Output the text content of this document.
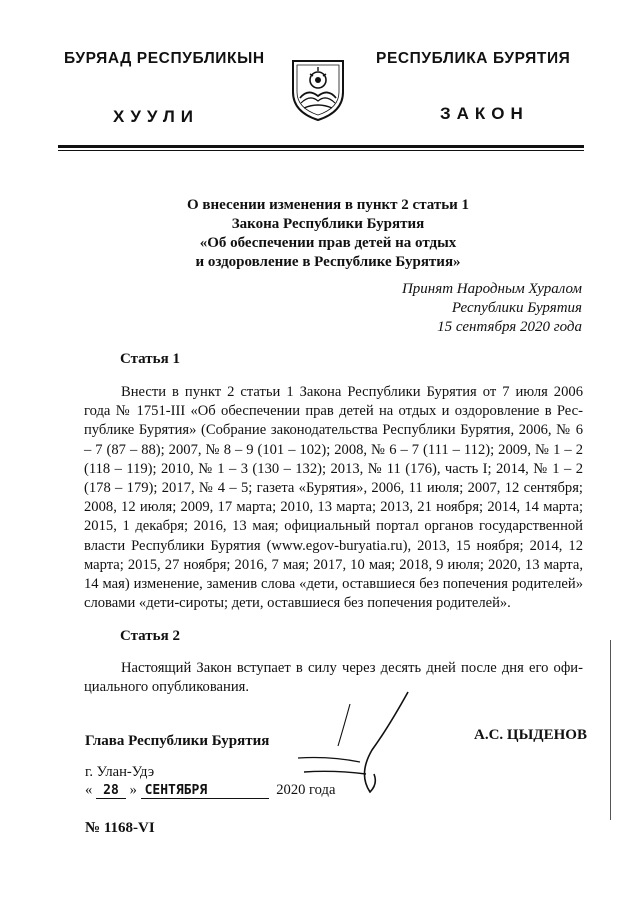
БУРЯАД РЕСПУБЛИКЫН	РЕСПУБЛИКА БУРЯТИЯ
ХУУЛИ	ЗАКОН
О внесении изменения в пункт 2 статьи 1
Закона Республики Бурятия
«Об обеспечении прав детей на отдых
и оздоровление в Республике Бурятия»
Принят Народным Хуралом
Республики Бурятия
15 сентября 2020 года
Статья 1
Внести в пункт 2 статьи 1 Закона Республики Бурятия от 7 июля 2006 года № 1751-III «Об обеспечении прав детей на отдых и оздоровление в Республике Бурятия» (Собрание законодательства Республики Бурятия, 2006, № 6 – 7 (87 – 88); 2007, № 8 – 9 (101 – 102); 2008, № 6 – 7 (111 – 112); 2009, № 1 – 2 (118 – 119); 2010, № 1 – 3 (130 – 132); 2013, № 11 (176), часть I; 2014, № 1 – 2 (178 – 179); 2017, № 4 – 5; газета «Бурятия», 2006, 11 июля; 2007, 12 сентября; 2008, 12 июля; 2009, 17 марта; 2010, 13 марта; 2013, 21 ноября; 2014, 14 марта; 2015, 1 декабря; 2016, 13 мая; официальный портал органов государственной власти Республики Бурятия (www.egov-buryatia.ru), 2013, 15 ноября; 2014, 12 марта; 2015, 27 ноября; 2016, 7 мая; 2017, 10 мая; 2018, 9 июля; 2020, 13 марта, 14 мая) изменение, заменив слова «дети, оставшиеся без попечения родителей» словами «дети-сироты; дети, оставшиеся без попечения родителей».
Статья 2
Настоящий Закон вступает в силу через десять дней после дня его официального опубликования.
Глава Республики Бурятия	А.С. ЦЫДЕНОВ
г. Улан-Удэ
« 28 » СЕНТЯБРЯ	2020 года
№ 1168-VI
